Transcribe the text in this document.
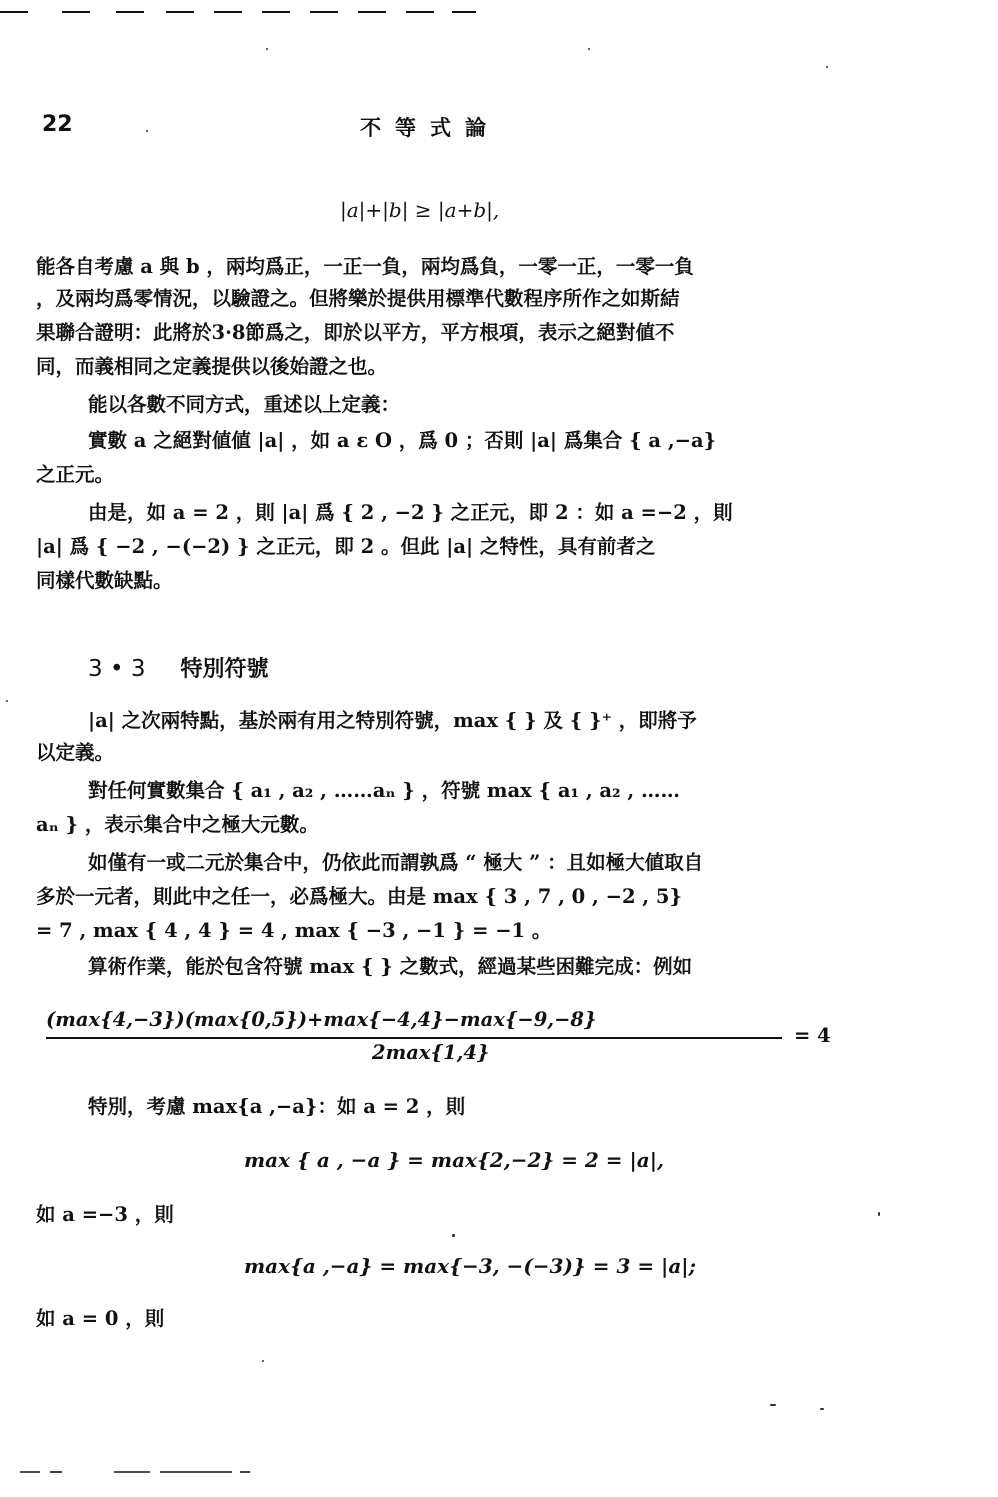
22	不等式論
|a|+|b| ≥ |a+b|,
能各自考慮 a 與 b ，兩均爲正，一正一負，兩均爲負，一零一正，一零一負
，及兩均爲零情況，以驗證之。但將樂於提供用標準代數程序所作之如斯結
果聯合證明：此將於3·8節爲之，即於以平方，平方根項，表示之絕對値不
同，而義相同之定義提供以後始證之也。
能以各數不同方式，重述以上定義：
實數 a 之絕對値値 |a| ，如 a ε O ，爲 0 ；否則 |a| 爲集合 { a ,−a}
之正元。
由是，如 a = 2 ，則 |a| 爲 { 2 , −2 } 之正元，即 2 ：如 a =−2 ，則
|a| 爲 { −2 , −(−2) } 之正元，即 2 。但此 |a| 之特性，具有前者之
同樣代數缺點。
3 • 3 特別符號
|a| 之次兩特點，基於兩有用之特別符號，max { } 及 { }⁺ ，即將予
以定義。
對任何實數集合 { a₁ , a₂ , ……aₙ } ，符號 max { a₁ , a₂ , ……
aₙ } ，表示集合中之極大元數。
如僅有一或二元於集合中，仍依此而謂孰爲 “ 極大 ” ：且如極大値取自
多於一元者，則此中之任一，必爲極大。由是 max { 3 , 7 , 0 , −2 , 5}
= 7 , max { 4 , 4 } = 4 , max { −3 , −1 } = −1 。
算術作業，能於包含符號 max { } 之數式，經過某些困難完成：例如
(max{4,−3})(max{0,5})+max{−4,4}−max{−9,−8}
2max{1,4}
= 4
特別，考慮 max{a ,−a}：如 a = 2 ，則
max { a , −a } = max{2,−2} = 2 = |a|,
如 a =−3 ，則
max{a ,−a} = max{−3, −(−3)} = 3 = |a|;
如 a = 0 ，則
